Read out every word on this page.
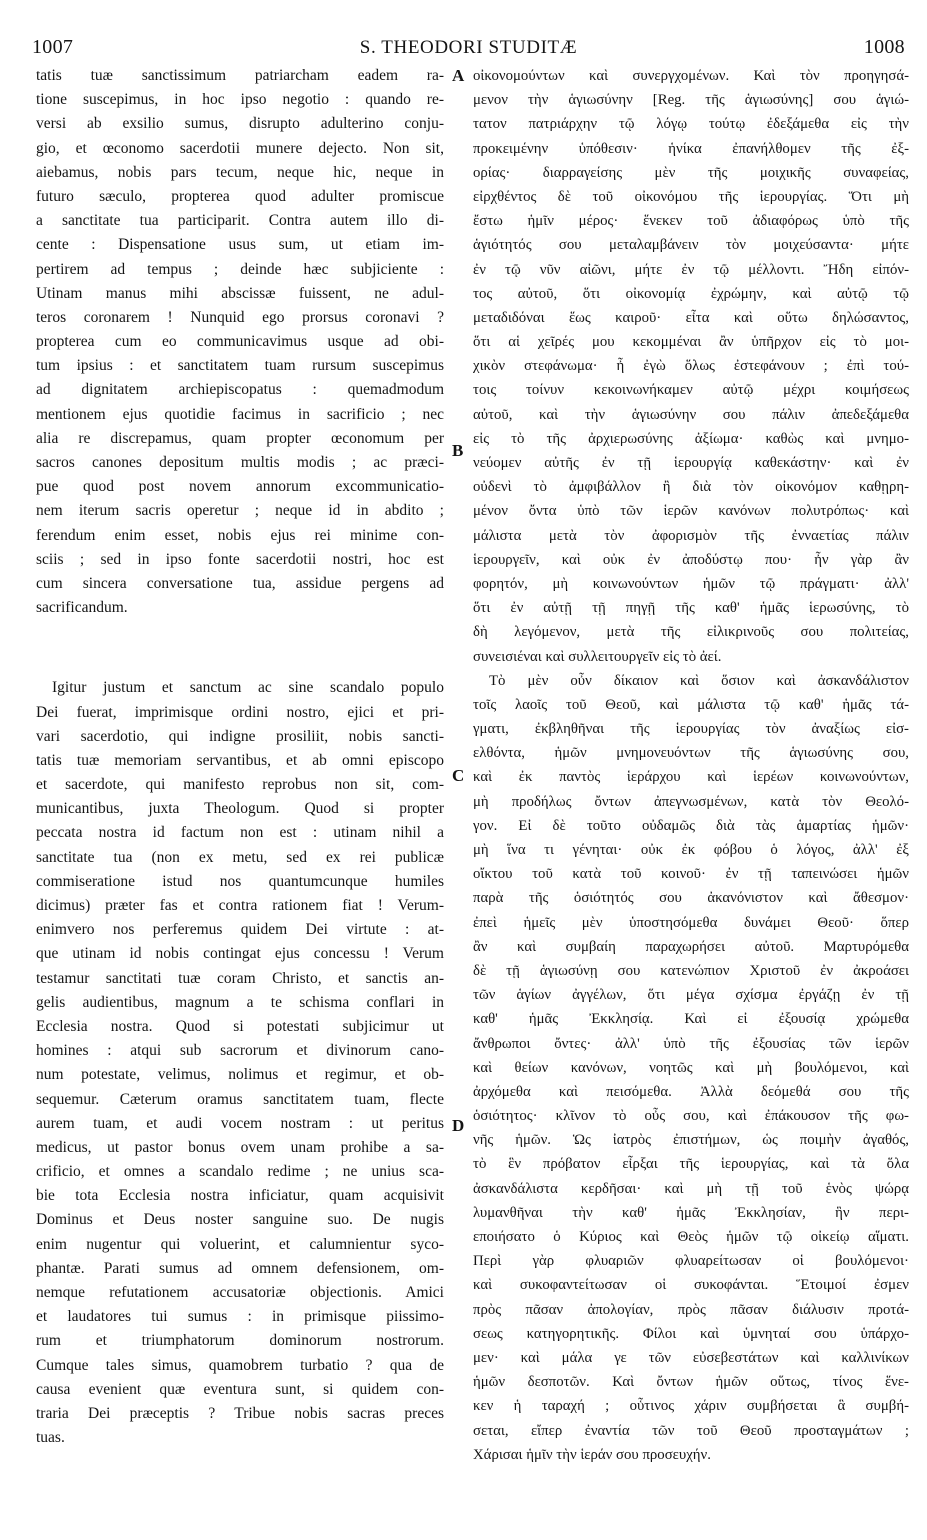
1007	S. THEODORI STUDITÆ	1008
A
B
C
D
tatis tuæ sanctissimum patriarcham eadem ra-
tione suscepimus, in hoc ipso negotio : quando re-
versi ab exsilio sumus, disrupto adulterino conju-
gio, et œconomo sacerdotii munere dejecto. Non sit,
aiebamus, nobis pars tecum, neque hic, neque in
futuro sæculo, propterea quod adulter promiscue
a sanctitate tua participarit. Contra autem illo di-
cente : Dispensatione usus sum, ut etiam im-
pertirem ad tempus ; deinde hæc subjiciente :
Utinam manus mihi abscissæ fuissent, ne adul-
teros coronarem ! Nunquid ego prorsus coronavi ?
propterea cum eo communicavimus usque ad obi-
tum ipsius : et sanctitatem tuam rursum suscepimus
ad dignitatem archiepiscopatus : quemadmodum
mentionem ejus quotidie facimus in sacrificio ; nec
alia re discrepamus, quam propter œconomum per
sacros canones depositum multis modis ; ac præci-
pue quod post novem annorum excommunicatio-
nem iterum sacris operetur ; neque id in abdito ;
ferendum enim esset, nobis ejus rei minime con-
sciis ; sed in ipso fonte sacerdotii nostri, hoc est
cum sincera conversatione tua, assidue pergens ad
sacrificandum.
Igitur justum et sanctum ac sine scandalo populo
Dei fuerat, imprimisque ordini nostro, ejici et pri-
vari sacerdotio, qui indigne prosiliit, nobis sancti-
tatis tuæ memoriam servantibus, et ab omni episcopo
et sacerdote, qui manifesto reprobus non sit, com-
municantibus, juxta Theologum. Quod si propter
peccata nostra id factum non est : utinam nihil a
sanctitate tua (non ex metu, sed ex rei publicæ
commiseratione istud nos quantumcunque humiles
dicimus) præter fas et contra rationem fiat ! Verum-
enimvero nos perferemus quidem Dei virtute : at-
que utinam id nobis contingat ejus concessu ! Verum
testamur sanctitati tuæ coram Christo, et sanctis an-
gelis audientibus, magnum a te schisma conflari in
Ecclesia nostra. Quod si potestati subjicimur ut
homines : atqui sub sacrorum et divinorum cano-
num potestate, velimus, nolimus et regimur, et ob-
sequemur. Cæterum oramus sanctitatem tuam, flecte
aurem tuam, et audi vocem nostram : ut peritus
medicus, ut pastor bonus ovem unam prohibe a sa-
crificio, et omnes a scandalo redime ; ne unius sca-
bie tota Ecclesia nostra inficiatur, quam acquisivit
Dominus et Deus noster sanguine suo. De nugis
enim nugentur qui voluerint, et calumnientur syco-
phantæ. Parati sumus ad omnem defensionem, om-
nemque refutationem accusatoriæ objectionis. Amici
et laudatores tui sumus : in primisque piissimo-
rum et triumphatorum dominorum nostrorum.
Cumque tales simus, quamobrem turbatio ? qua de
causa evenient quæ eventura sunt, si quidem con-
traria Dei præceptis ? Tribue nobis sacras preces
tuas.
οἰκονομούντων καὶ συνεργχομένων. Καὶ τὸν προηγησά-
μενον τὴν ἁγιωσύνην [Reg. τῆς ἁγιωσύνης] σου ἁγιώ-
τατον πατριάρχην τῷ λόγῳ τούτῳ ἐδεξάμεθα εἰς τὴν
προκειμένην ὑπόθεσιν· ἡνίκα ἐπανήλθομεν τῆς ἐξ-
ορίας· διαρραγείσης μὲν τῆς μοιχικῆς συναφείας,
εἰρχθέντος δὲ τοῦ οἰκονόμου τῆς ἱερουργίας. Ὅτι μὴ
ἔστω ἡμῖν μέρος· ἕνεκεν τοῦ ἀδιαφόρως ὑπὸ τῆς
ἁγιότητός σου μεταλαμβάνειν τὸν μοιχεύσαντα· μήτε
ἐν τῷ νῦν αἰῶνι, μήτε ἐν τῷ μέλλοντι. Ἤδη εἰπόν-
τος αὐτοῦ, ὅτι οἰκονομίᾳ ἐχρώμην, καὶ αὐτῷ τῷ
μεταδιδόναι ἕως καιροῦ· εἶτα καὶ οὕτω δηλώσαντος,
ὅτι αἱ χεῖρές μου κεκομμέναι ἂν ὑπῆρχον εἰς τὸ μοι-
χικὸν στεφάνωμα· ἦ ἐγὼ ὅλως ἐστεφάνουν ; ἐπὶ τού-
τοις τοίνυν κεκοινωνήκαμεν αὐτῷ μέχρι κοιμήσεως
αὐτοῦ, καὶ τὴν ἁγιωσύνην σου πάλιν ἀπεδεξάμεθα
εἰς τὸ τῆς ἀρχιερωσύνης ἀξίωμα· καθὼς καὶ μνημο-
νεύομεν αὐτῆς ἐν τῇ ἱερουργίᾳ καθεκάστην· καὶ ἐν
οὐδενὶ τὸ ἀμφιβάλλον ἢ διὰ τὸν οἰκονόμον καθῃρη-
μένον ὄντα ὑπὸ τῶν ἱερῶν κανόνων πολυτρόπως· καὶ
μάλιστα μετὰ τὸν ἀφορισμὸν τῆς ἐνναετίας πάλιν
ἱερουργεῖν, καὶ οὐκ ἐν ἀποδύστῳ που· ἦν γὰρ ἂν
φορητόν, μὴ κοινωνούντων ἡμῶν τῷ πράγματι· ἀλλ'
ὅτι ἐν αὐτῇ τῇ πηγῇ τῆς καθ' ἡμᾶς ἱερωσύνης, τὸ
δὴ λεγόμενον, μετὰ τῆς εἰλικρινοῦς σου πολιτείας,
συνεισιέναι καὶ συλλειτουργεῖν εἰς τὸ ἀεί.
Τὸ μὲν οὖν δίκαιον καὶ ὅσιον καὶ ἀσκανδάλιστον
τοῖς λαοῖς τοῦ Θεοῦ, καὶ μάλιστα τῷ καθ' ἡμᾶς τά-
γματι, ἐκβληθῆναι τῆς ἱερουργίας τὸν ἀναξίως εἰσ-
ελθόντα, ἡμῶν μνημονευόντων τῆς ἁγιωσύνης σου,
καὶ ἐκ παντὸς ἱεράρχου καὶ ἱερέων κοινωνούντων,
μὴ προδήλως ὄντων ἀπεγνωσμένων, κατὰ τὸν Θεολό-
γον. Εἰ δὲ τοῦτο οὐδαμῶς διὰ τὰς ἁμαρτίας ἡμῶν·
μὴ ἵνα τι γένηται· οὐκ ἐκ φόβου ὁ λόγος, ἀλλ' ἐξ
οἴκτου τοῦ κατὰ τοῦ κοινοῦ· ἐν τῇ ταπεινώσει ἡμῶν
παρὰ τῆς ὁσιότητός σου ἀκανόνιστον καὶ ἄθεσμον·
ἐπεὶ ἡμεῖς μὲν ὑποστησόμεθα δυνάμει Θεοῦ· ὅπερ
ἂν καὶ συμβαίη παραχωρήσει αὐτοῦ. Μαρτυρόμεθα
δὲ τῇ ἁγιωσύνῃ σου κατενώπιον Χριστοῦ ἐν ἀκροάσει
τῶν ἁγίων ἀγγέλων, ὅτι μέγα σχίσμα ἐργάζῃ ἐν τῇ
καθ' ἡμᾶς Ἐκκλησίᾳ. Καὶ εἰ ἐξουσίᾳ χρώμεθα
ἄνθρωποι ὄντες· ἀλλ' ὑπὸ τῆς ἐξουσίας τῶν ἱερῶν
καὶ θείων κανόνων, νοητῶς καὶ μὴ βουλόμενοι, καὶ
ἀρχόμεθα καὶ πεισόμεθα. Ἀλλὰ δεόμεθά σου τῆς
ὁσιότητος· κλῖνον τὸ οὖς σου, καὶ ἐπάκουσον τῆς φω-
νῆς ἡμῶν. Ὡς ἰατρὸς ἐπιστήμων, ὡς ποιμὴν ἀγαθός,
τὸ ἓν πρόβατον εἶρξαι τῆς ἱερουργίας, καὶ τὰ ὅλα
ἀσκανδάλιστα κερδῆσαι· καὶ μὴ τῇ τοῦ ἑνὸς ψώρᾳ
λυμανθῆναι τὴν καθ' ἡμᾶς Ἐκκλησίαν, ἣν περι-
εποιήσατο ὁ Κύριος καὶ Θεὸς ἡμῶν τῷ οἰκείῳ αἵματι.
Περὶ γὰρ φλυαριῶν φλυαρείτωσαν οἱ βουλόμενοι·
καὶ συκοφαντείτωσαν οἱ συκοφάνται. Ἕτοιμοί ἐσμεν
πρὸς πᾶσαν ἀπολογίαν, πρὸς πᾶσαν διάλυσιν προτά-
σεως κατηγορητικῆς. Φίλοι καὶ ὑμνηταί σου ὑπάρχο-
μεν· καὶ μάλα γε τῶν εὐσεβεστάτων καὶ καλλινίκων
ἡμῶν δεσποτῶν. Καὶ ὄντων ἡμῶν οὕτως, τίνος ἕνε-
κεν ἡ ταραχή ; οὗτινος χάριν συμβήσεται ἃ συμβή-
σεται, εἴπερ ἐναντία τῶν τοῦ Θεοῦ προσταγμάτων ;
Χάρισαι ἡμῖν τὴν ἱεράν σου προσευχήν.
